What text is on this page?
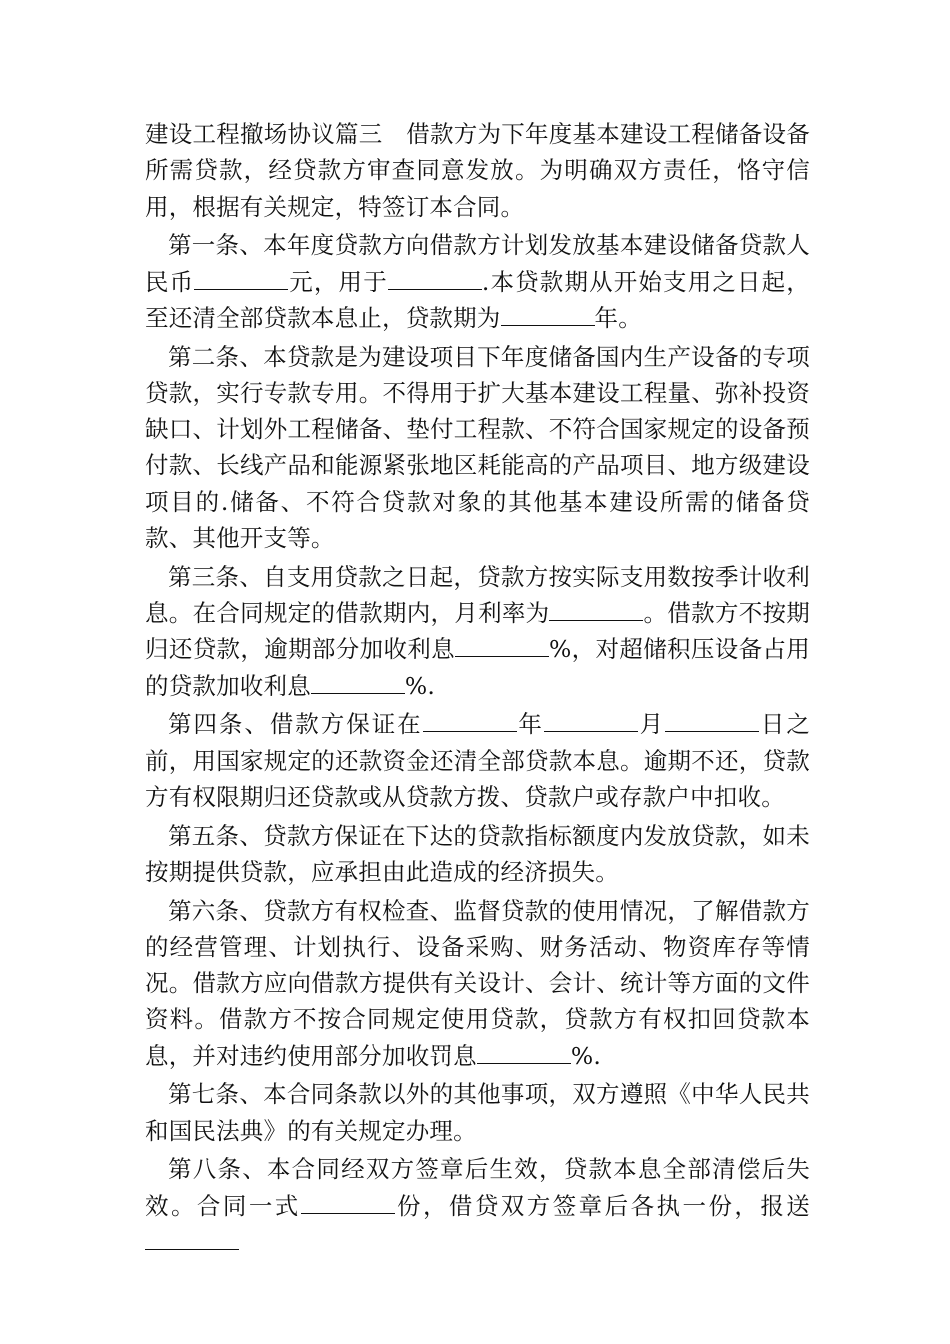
建设工程撤场协议篇三　借款方为下年度基本建设工程储备设备所需贷款，经贷款方审查同意发放。为明确双方责任，恪守信用，根据有关规定，特签订本合同。

第一条、本年度贷款方向借款方计划发放基本建设储备贷款人民币	元，用于	.本贷款期从开始支用之日起，至还清全部贷款本息止，贷款期为	年。

第二条、本贷款是为建设项目下年度储备国内生产设备的专项贷款，实行专款专用。不得用于扩大基本建设工程量、弥补投资缺口、计划外工程储备、垫付工程款、不符合国家规定的设备预付款、长线产品和能源紧张地区耗能高的产品项目、地方级建设项目的.储备、不符合贷款对象的其他基本建设所需的储备贷款、其他开支等。

第三条、自支用贷款之日起，贷款方按实际支用数按季计收利息。在合同规定的借款期内，月利率为	。借款方不按期归还贷款，逾期部分加收利息	%，对超储积压设备占用的贷款加收利息	%.

第四条、借款方保证在	年	月	日之前，用国家规定的还款资金还清全部贷款本息。逾期不还，贷款方有权限期归还贷款或从贷款方拨、贷款户或存款户中扣收。

第五条、贷款方保证在下达的贷款指标额度内发放贷款，如未按期提供贷款，应承担由此造成的经济损失。

第六条、贷款方有权检查、监督贷款的使用情况，了解借款方的经营管理、计划执行、设备采购、财务活动、物资库存等情况。借款方应向借款方提供有关设计、会计、统计等方面的文件资料。借款方不按合同规定使用贷款，贷款方有权扣回贷款本息，并对违约使用部分加收罚息	%.

第七条、本合同条款以外的其他事项，双方遵照《中华人民共和国民法典》的有关规定办理。

第八条、本合同经双方签章后生效，贷款本息全部清偿后失效。合同一式	份，借贷双方签章后各执一份，报送
